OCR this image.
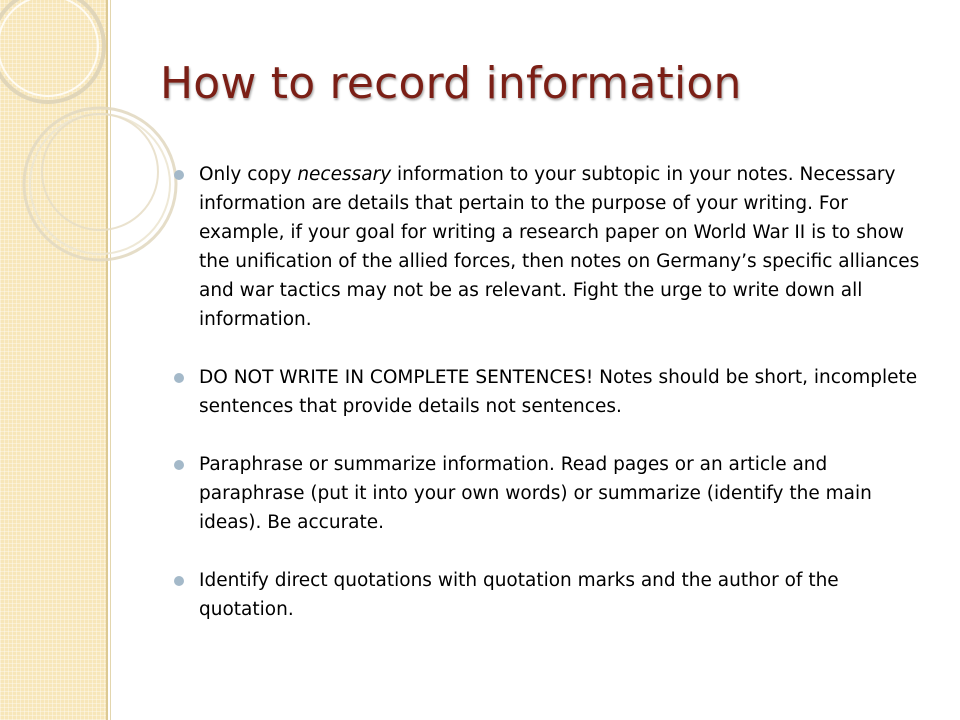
How to record information
Only copy necessary information to your subtopic in your notes. Necessary information are details that pertain to the purpose of your writing. For example, if your goal for writing a research paper on World War II is to show the unification of the allied forces, then notes on Germany’s specific alliances and war tactics may not be as relevant. Fight the urge to write down all information.
DO NOT WRITE IN COMPLETE SENTENCES! Notes should be short, incomplete sentences that provide details not sentences.
Paraphrase or summarize information. Read pages or an article and paraphrase (put it into your own words) or summarize (identify the main ideas). Be accurate.
Identify direct quotations with quotation marks and the author of the quotation.
